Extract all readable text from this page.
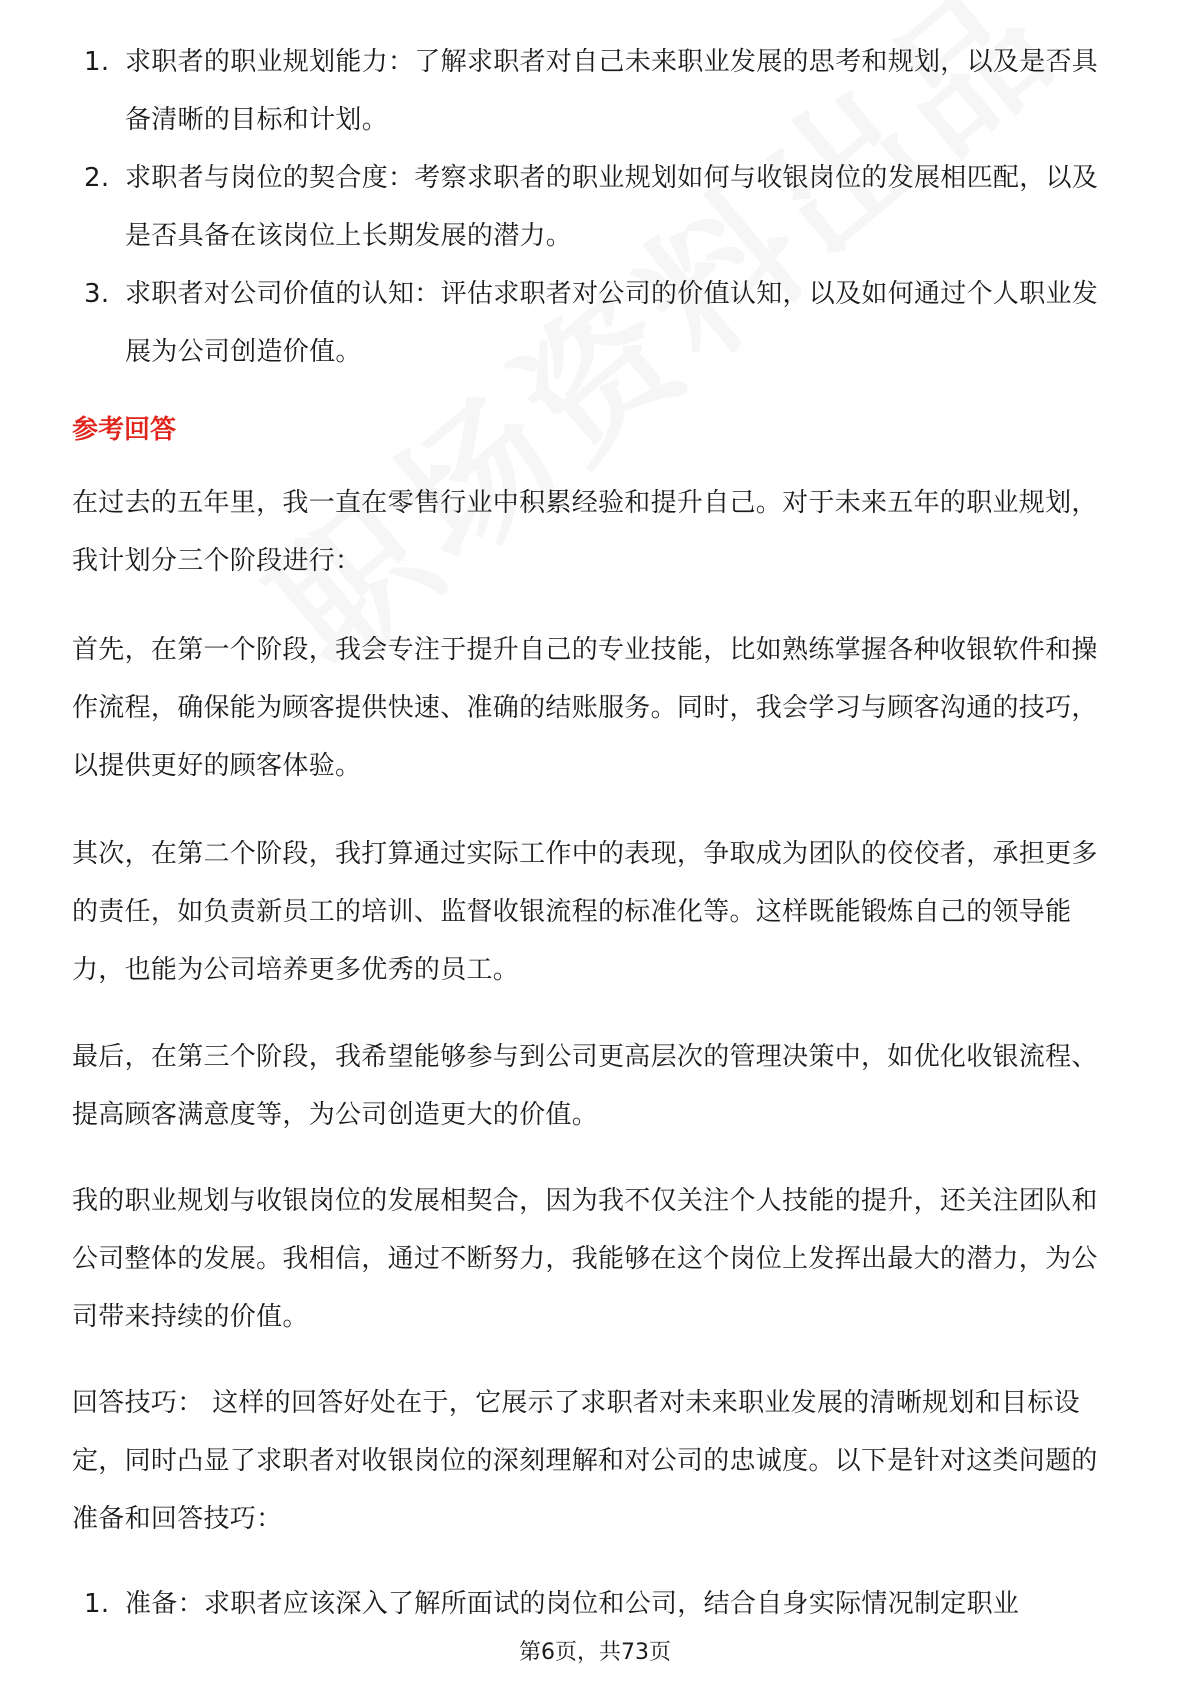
1. 求职者的职业规划能力：了解求职者对自己未来职业发展的思考和规划，以及是否具备清晰的目标和计划。
2. 求职者与岗位的契合度：考察求职者的职业规划如何与收银岗位的发展相匹配，以及是否具备在该岗位上长期发展的潜力。
3. 求职者对公司价值的认知：评估求职者对公司的价值认知，以及如何通过个人职业发展为公司创造价值。
参考回答
在过去的五年里，我一直在零售行业中积累经验和提升自己。对于未来五年的职业规划，我计划分三个阶段进行：
首先，在第一个阶段，我会专注于提升自己的专业技能，比如熟练掌握各种收银软件和操作流程，确保能为顾客提供快速、准确的结账服务。同时，我会学习与顾客沟通的技巧，以提供更好的顾客体验。
其次，在第二个阶段，我打算通过实际工作中的表现，争取成为团队的佼佼者，承担更多的责任，如负责新员工的培训、监督收银流程的标准化等。这样既能锻炼自己的领导能力，也能为公司培养更多优秀的员工。
最后，在第三个阶段，我希望能够参与到公司更高层次的管理决策中，如优化收银流程、提高顾客满意度等，为公司创造更大的价值。
我的职业规划与收银岗位的发展相契合，因为我不仅关注个人技能的提升，还关注团队和公司整体的发展。我相信，通过不断努力，我能够在这个岗位上发挥出最大的潜力，为公司带来持续的价值。
回答技巧： 这样的回答好处在于，它展示了求职者对未来职业发展的清晰规划和目标设定，同时凸显了求职者对收银岗位的深刻理解和对公司的忠诚度。以下是针对这类问题的准备和回答技巧：
1. 准备：求职者应该深入了解所面试的岗位和公司，结合自身实际情况制定职业
第6页，共73页
